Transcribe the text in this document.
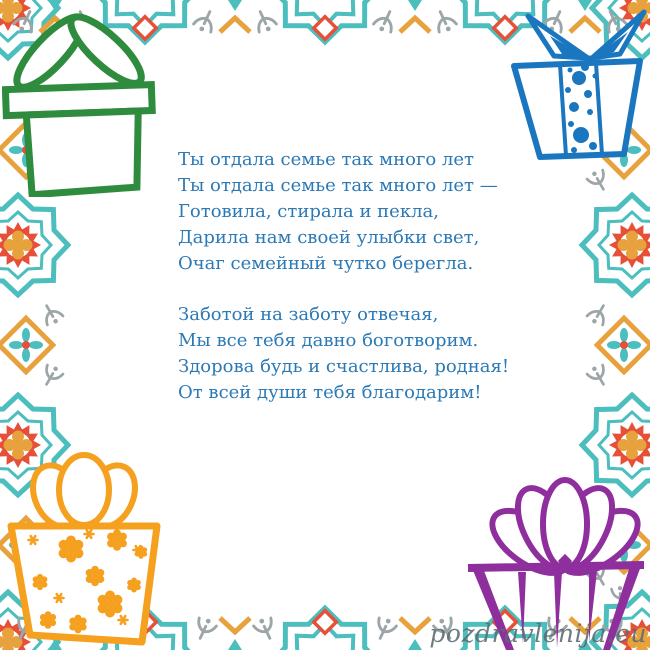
Ты отдала семье так много лет
Ты отдала семье так много лет —
Готовила, стирала и пекла,
Дарила нам своей улыбки свет,
Очаг семейный чутко берегла.
Заботой на заботу отвечая,
Мы все тебя давно боготворим.
Здорова будь и счастлива, родная!
От всей души тебя благодарим!
pozdravlenija.eu
